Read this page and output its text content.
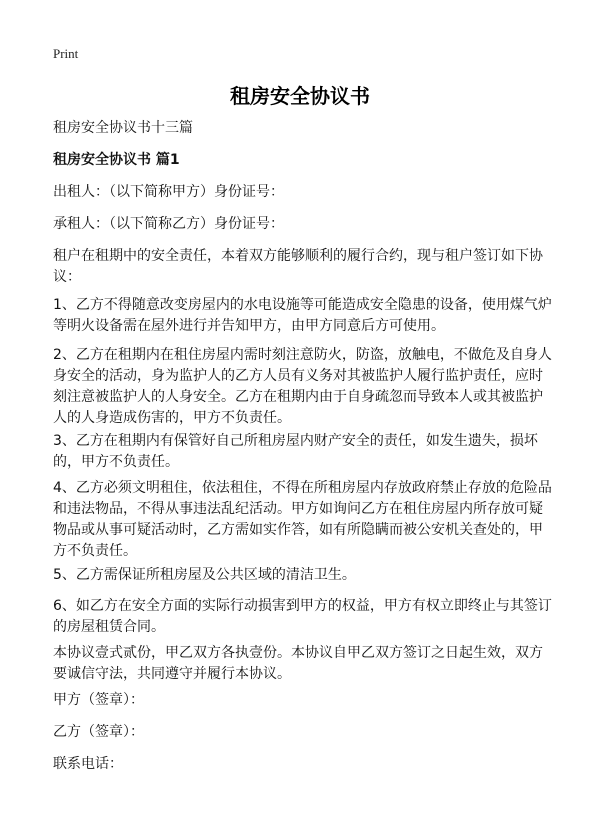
Print
租房安全协议书
租房安全协议书十三篇
租房安全协议书 篇1
出租人：（以下简称甲方）身份证号：
承租人：（以下简称乙方）身份证号：
租户在租期中的安全责任，本着双方能够顺利的履行合约，现与租户签订如下协议：
1、乙方不得随意改变房屋内的水电设施等可能造成安全隐患的设备，使用煤气炉等明火设备需在屋外进行并告知甲方，由甲方同意后方可使用。
2、乙方在租期内在租住房屋内需时刻注意防火，防盗，放触电，不做危及自身人身安全的活动，身为监护人的乙方人员有义务对其被监护人履行监护责任，应时刻注意被监护人的人身安全。乙方在租期内由于自身疏忽而导致本人或其被监护人的人身造成伤害的，甲方不负责任。
3、乙方在租期内有保管好自己所租房屋内财产安全的责任，如发生遗失，损坏的，甲方不负责任。
4、乙方必须文明租住，依法租住，不得在所租房屋内存放政府禁止存放的危险品和违法物品，不得从事违法乱纪活动。甲方如询问乙方在租住房屋内所存放可疑物品或从事可疑活动时，乙方需如实作答，如有所隐瞒而被公安机关查处的，甲方不负责任。
5、乙方需保证所租房屋及公共区域的清洁卫生。
6、如乙方在安全方面的实际行动损害到甲方的权益，甲方有权立即终止与其签订的房屋租赁合同。
本协议壹式贰份，甲乙双方各执壹份。本协议自甲乙双方签订之日起生效，双方要诚信守法，共同遵守并履行本协议。
甲方（签章）：
乙方（签章）：
联系电话：
